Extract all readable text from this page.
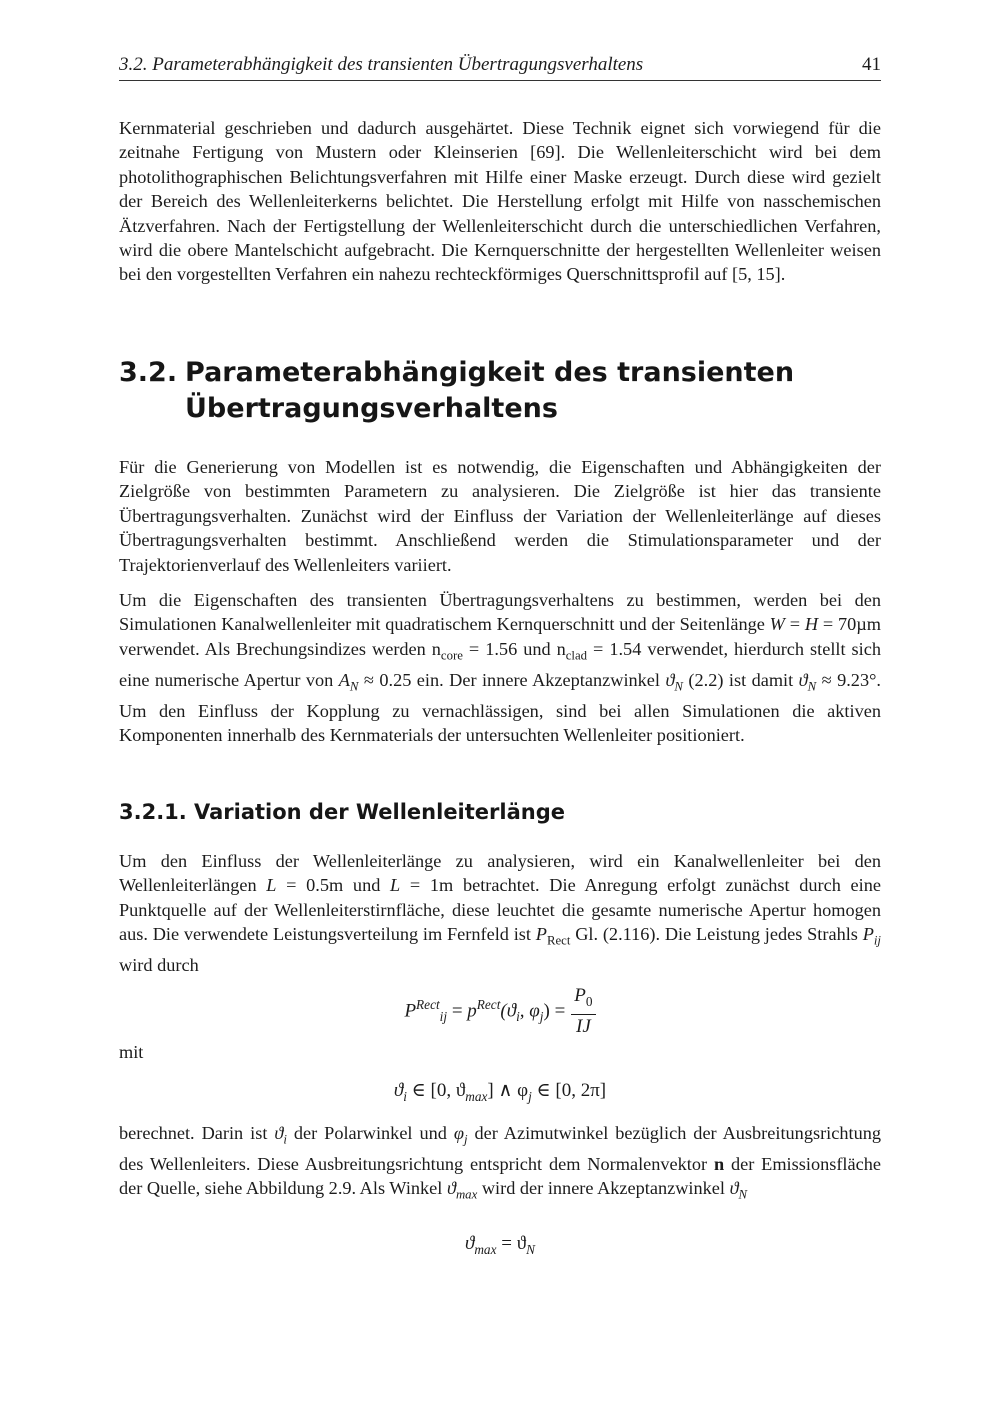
3.2. Parameterabhängigkeit des transienten Übertragungsverhaltens	41

Kernmaterial geschrieben und dadurch ausgehärtet. Diese Technik eignet sich vorwiegend für die zeitnahe Fertigung von Mustern oder Kleinserien [69]. Die Wellenleiterschicht wird bei dem photolithographischen Belichtungsverfahren mit Hilfe einer Maske erzeugt. Durch diese wird gezielt der Bereich des Wellenleiterkerns belichtet. Die Herstellung erfolgt mit Hilfe von nasschemischen Ätzverfahren. Nach der Fertigstellung der Wellenleiterschicht durch die unterschiedlichen Verfahren, wird die obere Mantelschicht aufgebracht. Die Kernquerschnitte der hergestellten Wellenleiter weisen bei den vorgestellten Verfahren ein nahezu rechteckförmiges Querschnittsprofil auf [5, 15].

3.2. Parameterabhängigkeit des transienten
Übertragungsverhaltens

Für die Generierung von Modellen ist es notwendig, die Eigenschaften und Abhängigkeiten der Zielgröße von bestimmten Parametern zu analysieren. Die Zielgröße ist hier das transiente Übertragungsverhalten. Zunächst wird der Einfluss der Variation der Wellenleiterlänge auf dieses Übertragungsverhalten bestimmt. Anschließend werden die Stimulationsparameter und der Trajektorienverlauf des Wellenleiters variiert.

Um die Eigenschaften des transienten Übertragungsverhaltens zu bestimmen, werden bei den Simulationen Kanalwellenleiter mit quadratischem Kernquerschnitt und der Seitenlänge W = H = 70µm verwendet. Als Brechungsindizes werden $n_{core} = 1.56$ und $n_{clad} = 1.54$ verwendet, hierdurch stellt sich eine numerische Apertur von $A_N \approx 0.25$ ein. Der innere Akzeptanzwinkel $ϑ_N$ (2.2) ist damit $ϑ_N \approx 9.23^\circ$. Um den Einfluss der Kopplung zu vernachlässigen, sind bei allen Simulationen die aktiven Komponenten innerhalb des Kernmaterials der untersuchten Wellenleiter positioniert.

3.2.1. Variation der Wellenleiterlänge

Um den Einfluss der Wellenleiterlänge zu analysieren, wird ein Kanalwellenleiter bei den Wellenleiterlängen L = 0.5m und L = 1m betrachtet. Die Anregung erfolgt zunächst durch eine Punktquelle auf der Wellenleiterstirnfläche, diese leuchtet die gesamte numerische Apertur homogen aus. Die verwendete Leistungsverteilung im Fernfeld ist $P_{Rect}$ Gl. (2.116). Die Leistung jedes Strahls $P_{ij}$ wird durch

$P^{Rect}_{ij} = p^{Rect}(ϑ_i$, $\varphi_j) = \frac{P_0}{IJ}$
mit
$ϑ_i$ ∈ [0, $ϑ_{max}$] ∧ $\varphi_j$ ∈ [0, 2π]

berechnet. Darin ist $ϑ_i$ der Polarwinkel und $\varphi_j$ der Azimutwinkel bezüglich der Ausbreitungsrichtung des Wellenleiters. Diese Ausbreitungsrichtung entspricht dem Normalenvektor n der Emissionsfläche der Quelle, siehe Abbildung 2.9. Als Winkel $ϑ_{max}$ wird der innere Akzeptanzwinkel $ϑ_N$

$ϑ_{max} = ϑ_N$
